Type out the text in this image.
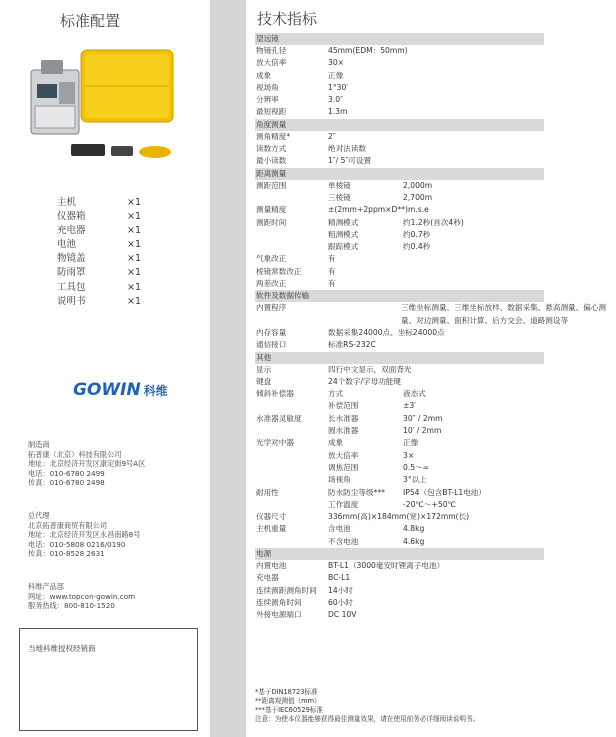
标准配置
主机	×1
仪器箱	×1
充电器	×1
电池	×1
物镜盖	×1
防雨罩	×1
工具包	×1
说明书	×1
GOWIN 科维
制造商
拓普康（北京）科技有限公司
地址：北京经济开发区康定街9号A区
电话：010-6780 2499
传真：010-6780 2498
总代理
北京拓普康商贸有限公司
地址：北京经济开发区永昌南路8号
电话：010-5808 0216/0190
传真：010-8528 2631
科维产品部
网址：www.topcon-gowin.com
服务热线：800-810-1520
当地科维授权经销商
技术指标
望远镜
物镜孔径	45mm(EDM：50mm)
放大倍率	30×
成象	正像
视场角	1°30′
分辨率	3.0″
最短视距	1.3m
角度测量
测角精度*	2″
读数方式	绝对法读数
最小读数	1″/ 5″可设置
距离测量
测距范围	单棱镜	2,000m
三棱镜	2,700m
测量精度	±(2mm+2ppm×D**)m.s.e
测距时间	精测模式	约1.2秒(首次4秒)
粗测模式	约0.7秒
跟踪模式	约0.4秒
气象改正	有
棱镜常数改正	有
两差改正	有
软件及数据传输
内置程序	三维坐标测量、三维坐标放样、数据采集、悬高测量、偏心测量、对边测量、面积计算、后方交会、道路测设等
内存容量	数据采集24000点、坐标24000点
通信接口	标准RS-232C
其他
显示	四行中文显示，双面背光
键盘	24个数字/字母功能键
倾斜补偿器	方式	液态式
补偿范围	±3′
水准器灵敏度	长水准器	30″ / 2mm
圆水准器	10′ / 2mm
光学对中器	成象	正像
放大倍率	3×
调焦范围	0.5～∞
场视角	3°以上
耐用性	防水防尘等级*** IP54（包含BT-L1电池）
工作温度	-20℃～+50℃
仪器尺寸	336mm(高)×184mm(宽)×172mm(长)
主机重量	含电池	4.8kg
不含电池	4.6kg
电源
内置电池	BT-L1（3000毫安时锂离子电池）
充电器	BC-L1
连续测距测角时间 14小时
连续测角时间	60小时
外接电源端口	DC 10V
*基于DIN18723标准
**距离观测值（mm）
***基于IEC60529标准
注意：为使本仪器能够获得最佳测量效果，请在使用前务必详细阅读说明书。
